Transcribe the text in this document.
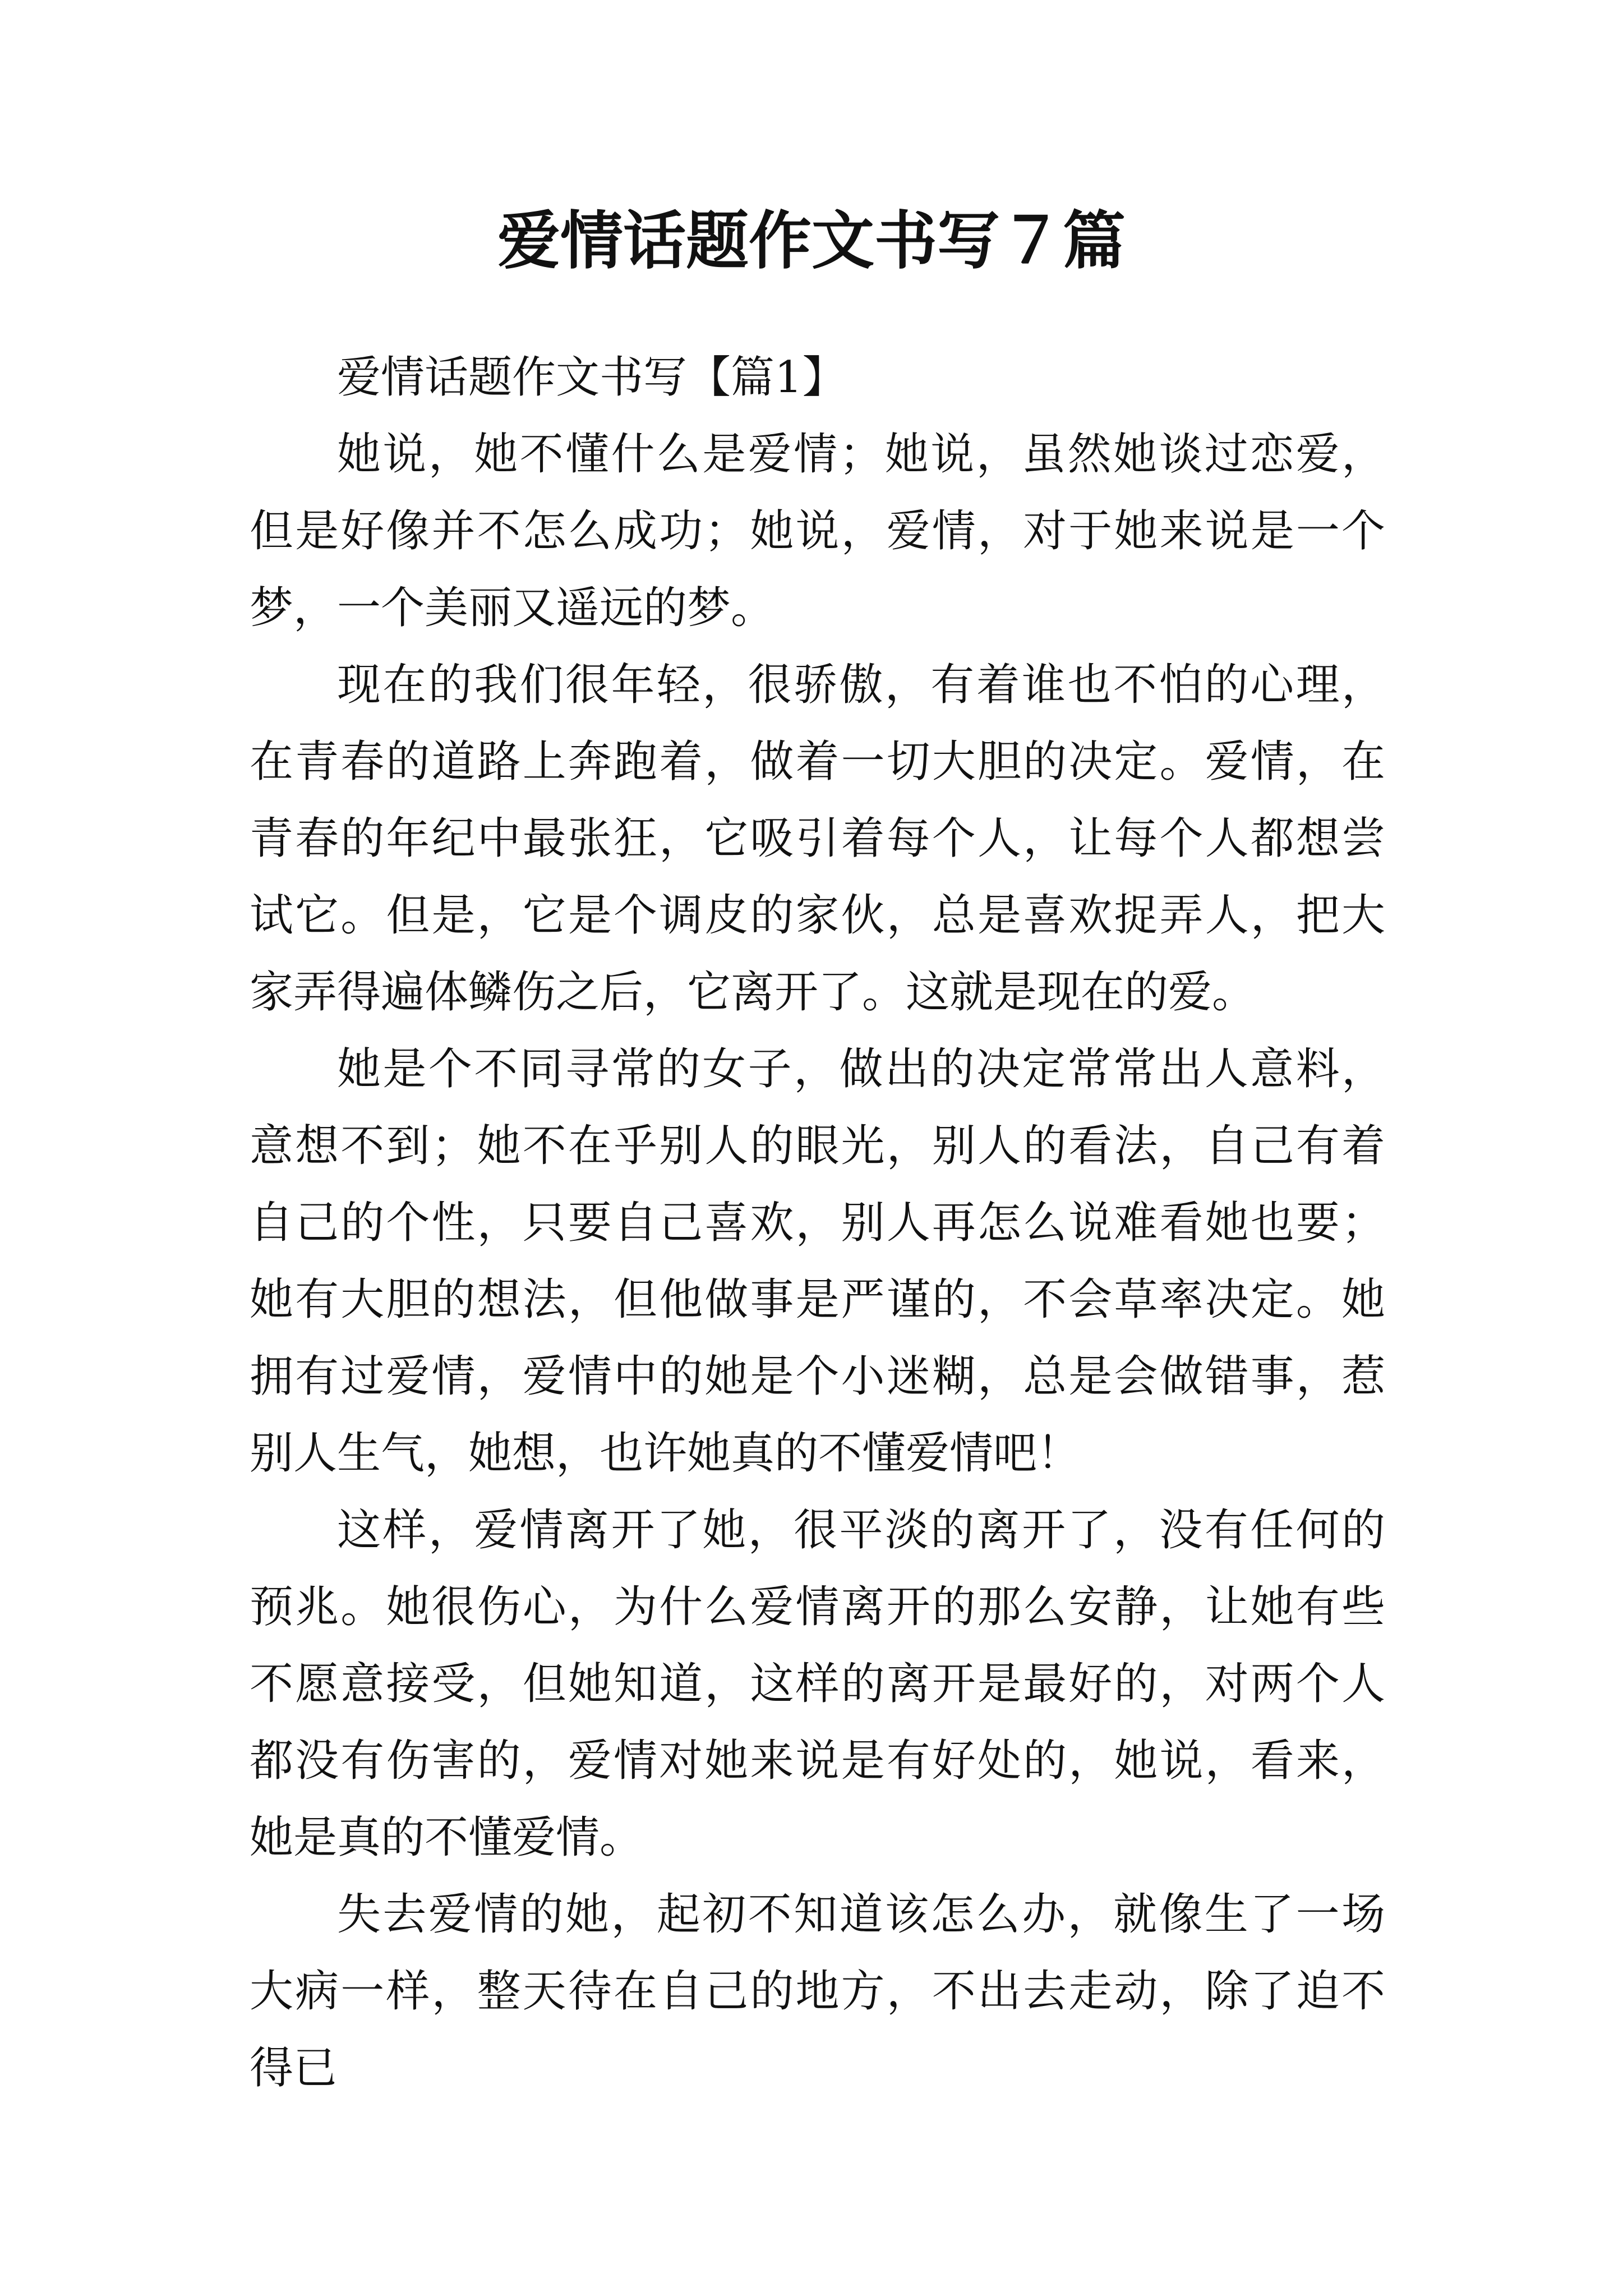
爱情话题作文书写７篇

爱情话题作文书写【篇1】

她说，她不懂什么是爱情；她说，虽然她谈过恋爱，但是好像并不怎么成功；她说，爱情，对于她来说是一个梦，一个美丽又遥远的梦。

现在的我们很年轻，很骄傲，有着谁也不怕的心理，在青春的道路上奔跑着，做着一切大胆的决定。爱情，在青春的年纪中最张狂，它吸引着每个人，让每个人都想尝试它。但是，它是个调皮的家伙，总是喜欢捉弄人，把大家弄得遍体鳞伤之后，它离开了。这就是现在的爱。

她是个不同寻常的女子，做出的决定常常出人意料，意想不到；她不在乎别人的眼光，别人的看法，自己有着自己的个性，只要自己喜欢，别人再怎么说难看她也要；她有大胆的想法，但他做事是严谨的，不会草率决定。她拥有过爱情，爱情中的她是个小迷糊，总是会做错事，惹别人生气，她想，也许她真的不懂爱情吧！

这样，爱情离开了她，很平淡的离开了，没有任何的预兆。她很伤心，为什么爱情离开的那么安静，让她有些不愿意接受，但她知道，这样的离开是最好的，对两个人都没有伤害的，爱情对她来说是有好处的，她说，看来，她是真的不懂爱情。

失去爱情的她，起初不知道该怎么办，就像生了一场大病一样，整天待在自己的地方，不出去走动，除了迫不得已
